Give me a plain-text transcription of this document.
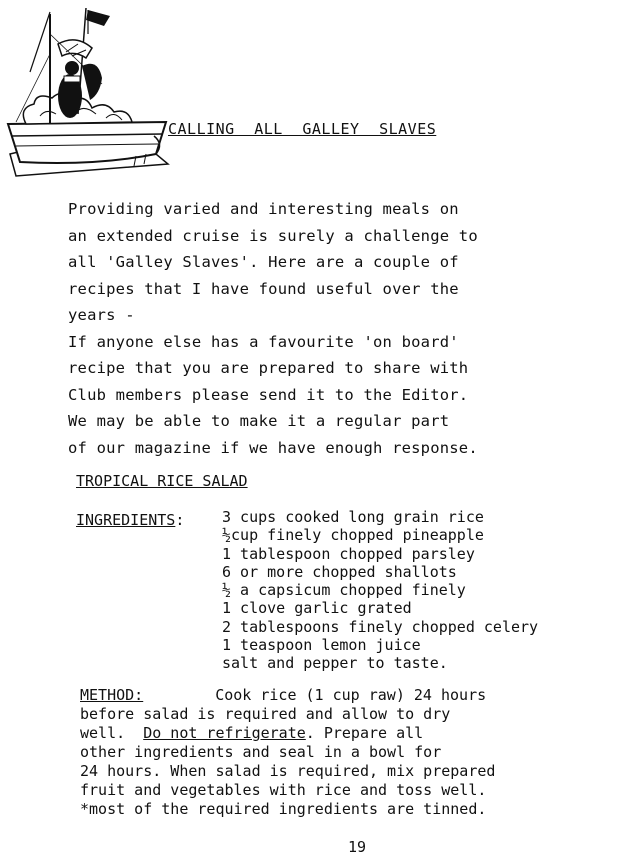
CALLING ALL GALLEY SLAVES
Providing varied and interesting meals on
an extended cruise is surely a challenge to
all 'Galley Slaves'. Here are a couple of
recipes that I have found useful over the
years -
If anyone else has a favourite 'on board'
recipe that you are prepared to share with
Club members please send it to the Editor.
We may be able to make it a regular part
of our magazine if we have enough response.
TROPICAL RICE SALAD
INGREDIENTS:	3 cups cooked long grain rice
½cup finely chopped pineapple
1 tablespoon chopped parsley
6 or more chopped shallots
½ a capsicum chopped finely
1 clove garlic grated
2 tablespoons finely chopped celery
1 teaspoon lemon juice
salt and pepper to taste.
METHOD:	Cook rice (1 cup raw) 24 hours
before salad is required and allow to dry
well.  Do not refrigerate. Prepare all
other ingredients and seal in a bowl for
24 hours. When salad is required, mix prepared
fruit and vegetables with rice and toss well.
*most of the required ingredients are tinned.
19
